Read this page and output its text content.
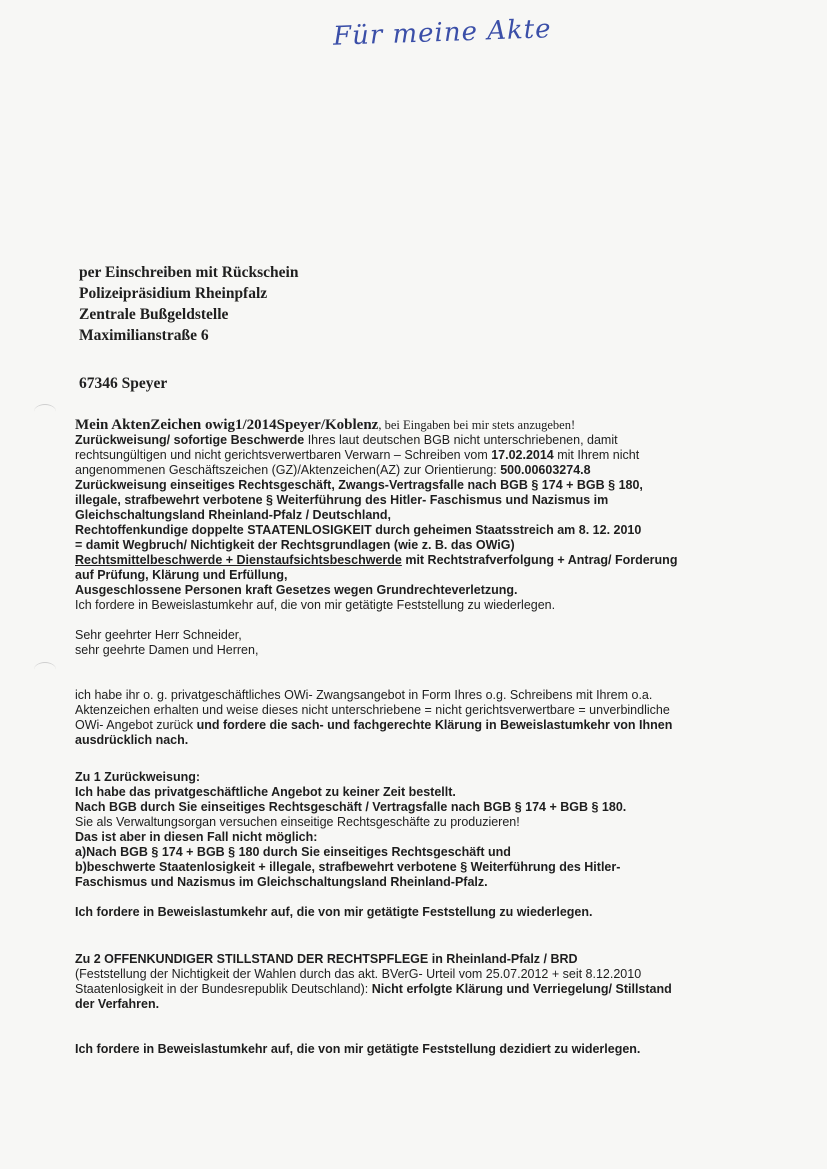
Für meine Akte
per Einschreiben mit Rückschein
Polizeipräsidium Rheinpfalz
Zentrale Bußgeldstelle
Maximilianstraße 6
67346 Speyer

Mein AktenZeichen owig1/2014Speyer/Koblenz, bei Eingaben bei mir stets anzugeben!

Zurückweisung/ sofortige Beschwerde Ihres laut deutschen BGB nicht unterschriebenen, damit

rechtsungültigen und nicht gerichtsverwertbaren Verwarn – Schreiben vom 17.02.2014 mit Ihrem nicht

angenommenen Geschäftszeichen (GZ)/Aktenzeichen(AZ) zur Orientierung: 500.00603274.8

Zurückweisung einseitiges Rechtsgeschäft, Zwangs-Vertragsfalle nach BGB § 174 + BGB § 180,

illegale, strafbewehrt verbotene § Weiterführung des Hitler- Faschismus und Nazismus im

Gleichschaltungsland Rheinland-Pfalz / Deutschland,

Rechtoffenkundige doppelte STAATENLOSIGKEIT durch geheimen Staatsstreich am 8. 12. 2010

= damit Wegbruch/ Nichtigkeit der Rechtsgrundlagen (wie z. B. das OWiG)

Rechtsmittelbeschwerde + Dienstaufsichtsbeschwerde mit Rechtstrafverfolgung + Antrag/ Forderung

auf Prüfung, Klärung und Erfüllung,

Ausgeschlossene Personen kraft Gesetzes wegen Grundrechteverletzung.

Ich fordere in Beweislastumkehr auf, die von mir getätigte Feststellung zu wiederlegen.

Sehr geehrter Herr Schneider,

sehr geehrte Damen und Herren,

ich habe ihr o. g. privatgeschäftliches OWi- Zwangsangebot in Form Ihres o.g. Schreibens mit Ihrem o.a.

Aktenzeichen erhalten und weise dieses nicht unterschriebene = nicht gerichtsverwertbare = unverbindliche

OWi- Angebot zurück und fordere die sach- und fachgerechte Klärung in Beweislastumkehr von Ihnen

ausdrücklich nach.

Zu 1 Zurückweisung:

Ich habe das privatgeschäftliche Angebot zu keiner Zeit bestellt.

Nach BGB durch Sie einseitiges Rechtsgeschäft / Vertragsfalle nach BGB § 174 + BGB § 180.

Sie als Verwaltungsorgan versuchen einseitige Rechtsgeschäfte zu produzieren!

Das ist aber in diesen Fall nicht möglich:

a)Nach BGB § 174 + BGB § 180 durch Sie einseitiges Rechtsgeschäft und

b)beschwerte Staatenlosigkeit + illegale, strafbewehrt verbotene § Weiterführung des Hitler-

Faschismus und Nazismus im Gleichschaltungsland Rheinland-Pfalz.

Ich fordere in Beweislastumkehr auf, die von mir getätigte Feststellung zu wiederlegen.

Zu 2 OFFENKUNDIGER STILLSTAND DER RECHTSPFLEGE in Rheinland-Pfalz / BRD

(Feststellung der Nichtigkeit der Wahlen durch das akt. BVerG- Urteil vom 25.07.2012 + seit 8.12.2010

Staatenlosigkeit in der Bundesrepublik Deutschland): Nicht erfolgte Klärung und Verriegelung/ Stillstand

der Verfahren.

Ich fordere in Beweislastumkehr auf, die von mir getätigte Feststellung dezidiert zu widerlegen.
